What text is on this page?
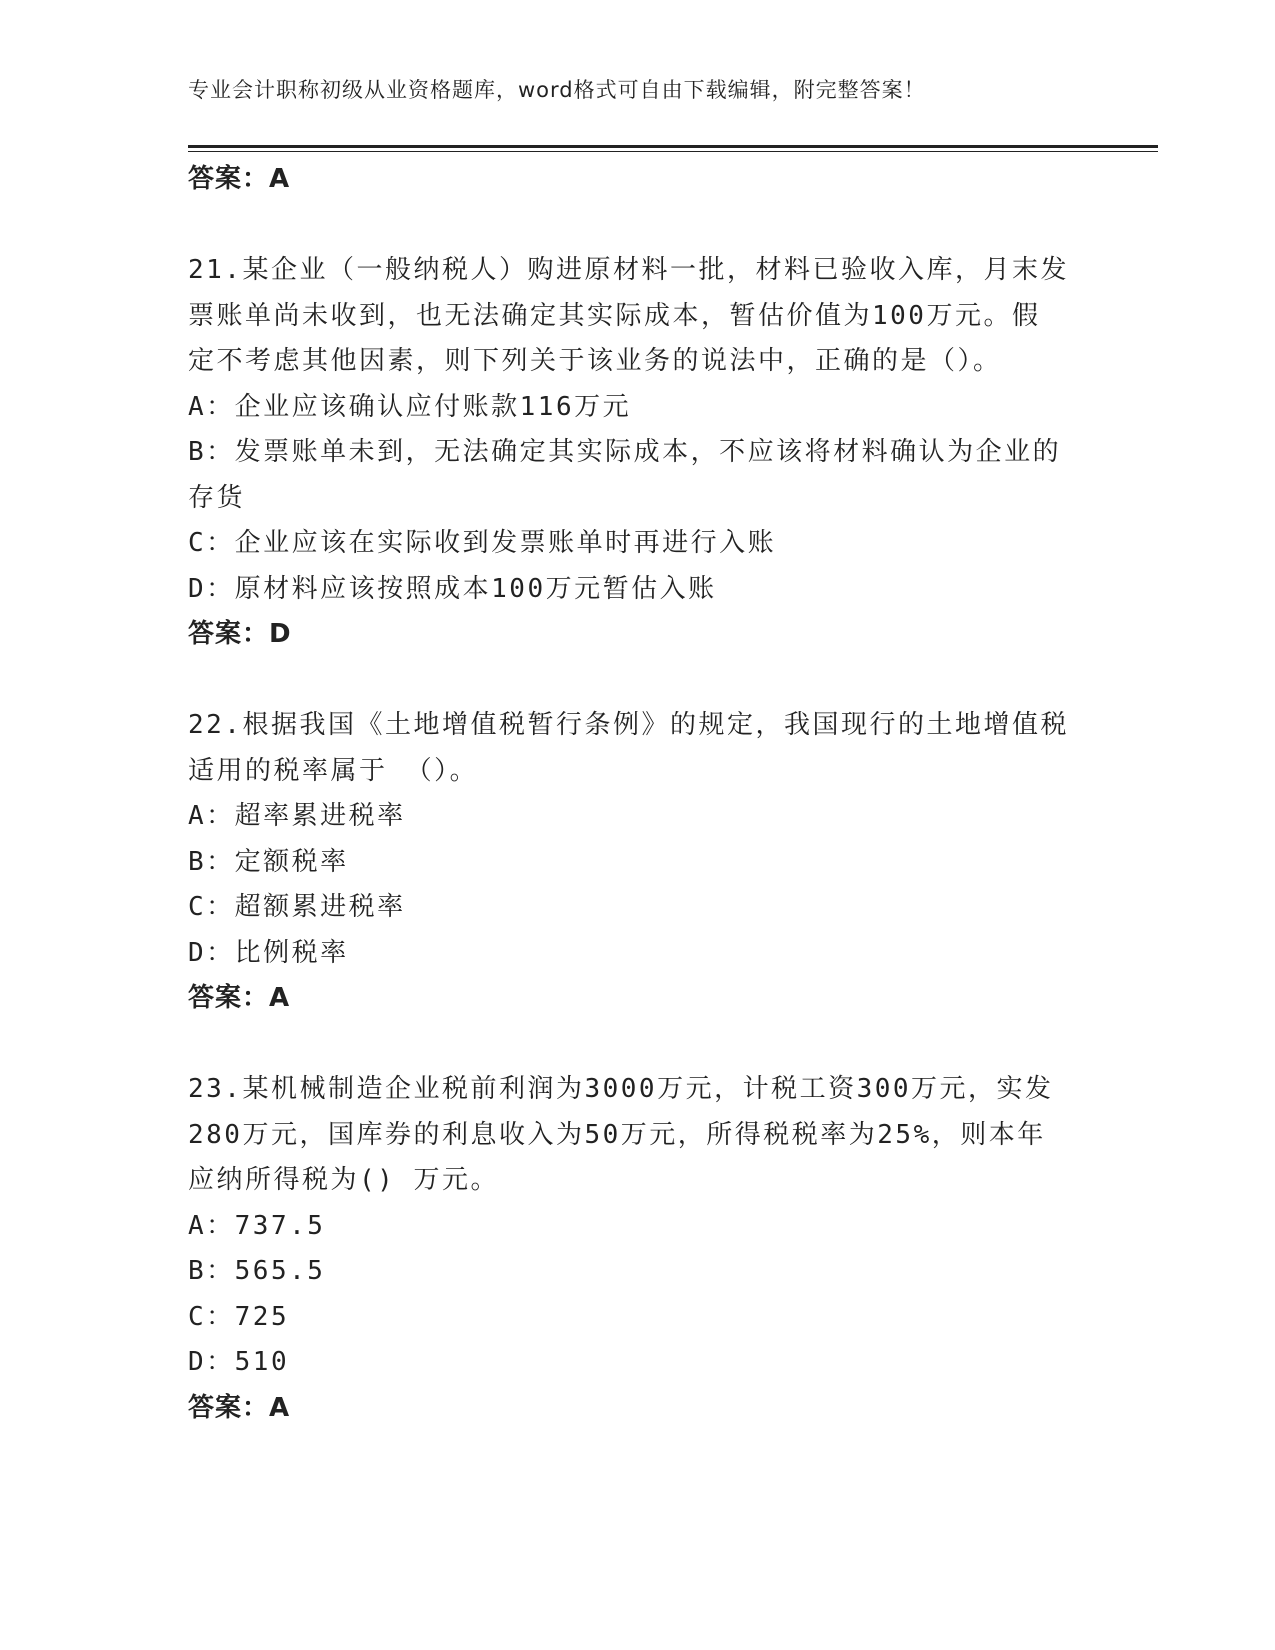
专业会计职称初级从业资格题库，word格式可自由下载编辑，附完整答案！
答案：A
21.某企业（一般纳税人）购进原材料一批，材料已验收入库，月末发
票账单尚未收到，也无法确定其实际成本，暂估价值为100万元。假
定不考虑其他因素，则下列关于该业务的说法中，正确的是（）。
A：企业应该确认应付账款116万元
B：发票账单未到，无法确定其实际成本，不应该将材料确认为企业的
存货
C：企业应该在实际收到发票账单时再进行入账
D：原材料应该按照成本100万元暂估入账
答案：D
22.根据我国《土地增值税暂行条例》的规定，我国现行的土地增值税
适用的税率属于 （）。
A：超率累进税率
B：定额税率
C：超额累进税率
D：比例税率
答案：A
23.某机械制造企业税前利润为3000万元，计税工资300万元，实发
280万元，国库券的利息收入为50万元，所得税税率为25%，则本年
应纳所得税为() 万元。
A：737.5
B：565.5
C：725
D：510
答案：A
